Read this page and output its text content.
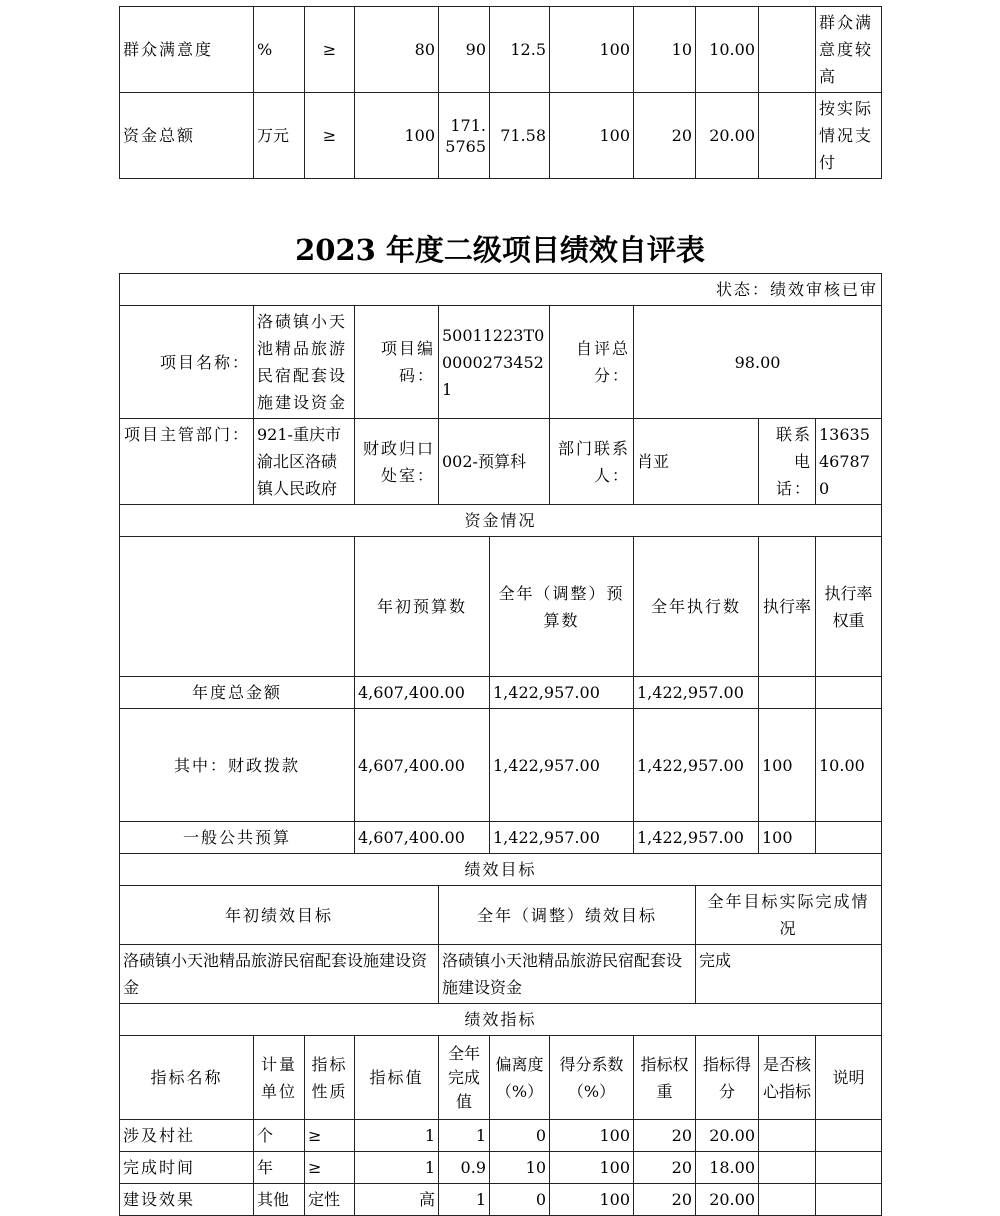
群众满意度	%	≥	80	90	12.5	100	10	10.00		群众满意度较高
资金总额	万元	≥	100	171.5765	71.58	100	20	20.00		按实际情况支付
2023 年度二级项目绩效自评表
状态：绩效审核已审											
项目名称：	洛碛镇小天池精品旅游民宿配套设施建设资金		项目编码：	50011223T000002734521		自评总分：	98.00				
项目主管部门：	921-重庆市渝北区洛碛镇人民政府		财政归口处室：	002-预算科		部门联系人：	肖亚		联系电话：	13635467870	
资金情况											
			年初预算数		全年（调整）预算数		全年执行数		执行率	执行率权重	
年度总金额			4,607,400.00		1,422,957.00		1,422,957.00				
其中：财政拨款			4,607,400.00		1,422,957.00		1,422,957.00		100	10.00	
一般公共预算			4,607,400.00		1,422,957.00		1,422,957.00		100		
绩效目标											
年初绩效目标				全年（调整）绩效目标				全年目标实际完成情况			
洛碛镇小天池精品旅游民宿配套设施建设资金				洛碛镇小天池精品旅游民宿配套设施建设资金				完成			
绩效指标											
指标名称	计量单位	指标性质	指标值	全年完成值	偏离度（%）	得分系数（%）	指标权重	指标得分	是否核心指标	说明	
涉及村社	个	≥	1	1	0	100	20	20.00			
完成时间	年	≥	1	0.9	10	100	20	18.00			
建设效果	其他	定性	高	1	0	100	20	20.00			
